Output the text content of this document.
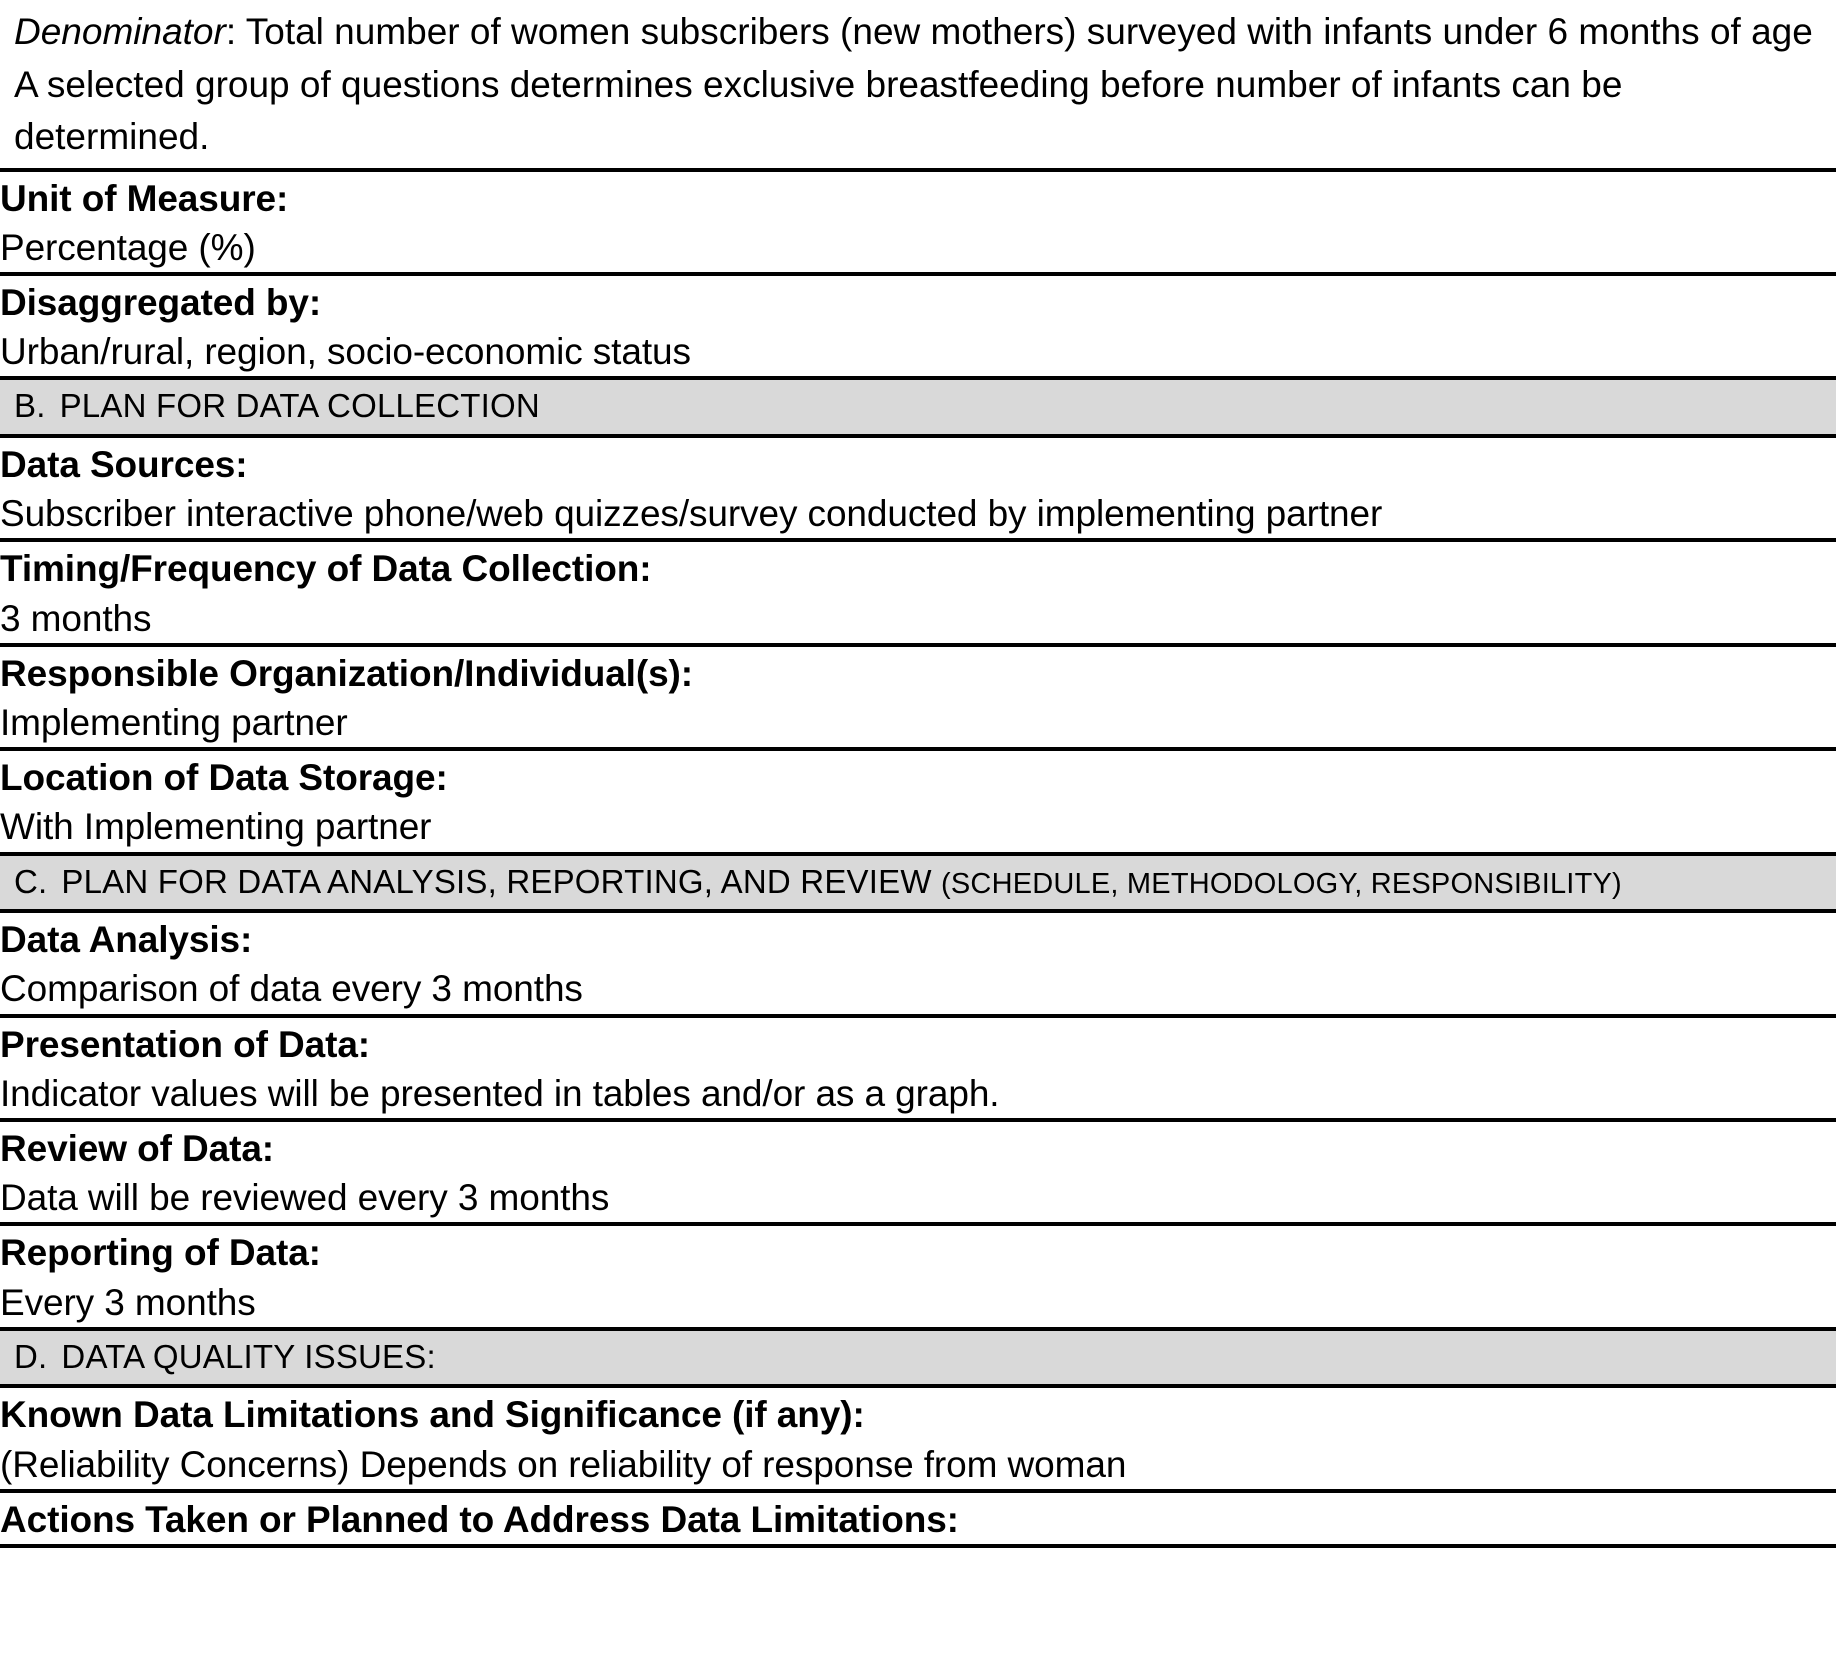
Denominator: Total number of women subscribers (new mothers) surveyed with infants under 6 months of age
A selected group of questions determines exclusive breastfeeding before number of infants can be determined.

Unit of Measure:
Percentage (%)

Disaggregated by:
Urban/rural, region, socio-economic status

B. PLAN FOR DATA COLLECTION

Data Sources:
Subscriber interactive phone/web quizzes/survey conducted by implementing partner

Timing/Frequency of Data Collection:
3 months

Responsible Organization/Individual(s):
Implementing partner

Location of Data Storage:
With Implementing partner

C. PLAN FOR DATA ANALYSIS, REPORTING, AND REVIEW (SCHEDULE, METHODOLOGY, RESPONSIBILITY)

Data Analysis:
Comparison of data every 3 months

Presentation of Data:
Indicator values will be presented in tables and/or as a graph.

Review of Data:
Data will be reviewed every 3 months

Reporting of Data:
Every 3 months

D. DATA QUALITY ISSUES:

Known Data Limitations and Significance (if any):
(Reliability Concerns) Depends on reliability of response from woman

Actions Taken or Planned to Address Data Limitations:
